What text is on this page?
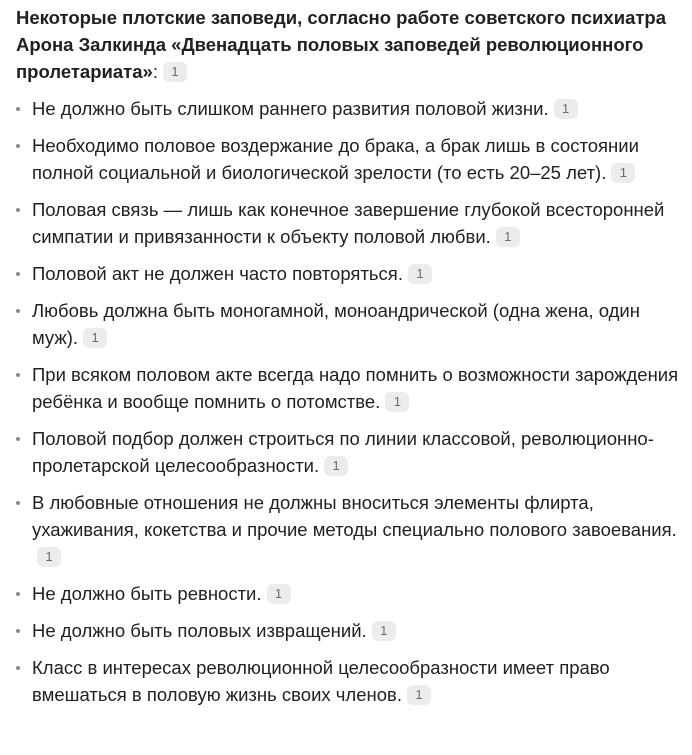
Некоторые плотские заповеди, согласно работе советского психиатра Арона Залкинда «Двенадцать половых заповедей революционного пролетариата»: 1

Не должно быть слишком раннего развития половой жизни. 1
Необходимо половое воздержание до брака, а брак лишь в состоянии полной социальной и биологической зрелости (то есть 20–25 лет). 1
Половая связь — лишь как конечное завершение глубокой всесторонней симпатии и привязанности к объекту половой любви. 1
Половой акт не должен часто повторяться. 1
Любовь должна быть моногамной, моноандрической (одна жена, один муж). 1
При всяком половом акте всегда надо помнить о возможности зарождения ребёнка и вообще помнить о потомстве. 1
Половой подбор должен строиться по линии классовой, революционно-пролетарской целесообразности. 1
В любовные отношения не должны вноситься элементы флирта, ухаживания, кокетства и прочие методы специально полового завоевания.1
Не должно быть ревности. 1
Не должно быть половых извращений. 1
Класс в интересах революционной целесообразности имеет право вмешаться в половую жизнь своих членов. 1
